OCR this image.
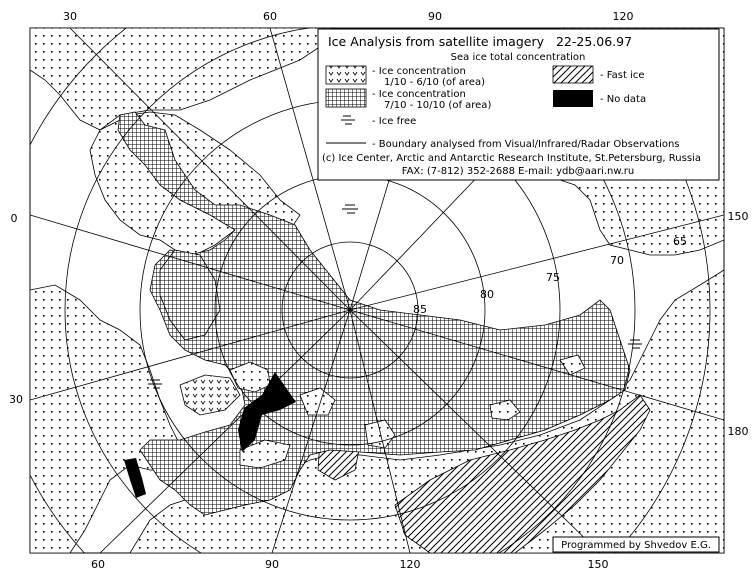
30	60	90	120
0
30
150
180
60	90	120	150
85
80
75
70
65
Ice Analysis from satellite imagery 22-25.06.97
Sea ice total concentration
- Ice concentration
1/10 - 6/10 (of area)
- Ice concentration
7/10 - 10/10 (of area)
- Fast ice
- No data
- Ice free
- Boundary analysed from Visual/Infrared/Radar Observations
(c) Ice Center, Arctic and Antarctic Research Institute, St.Petersburg, Russia
FAX: (7-812) 352-2688 E-mail: ydb@aari.nw.ru
Programmed by Shvedov E.G.
